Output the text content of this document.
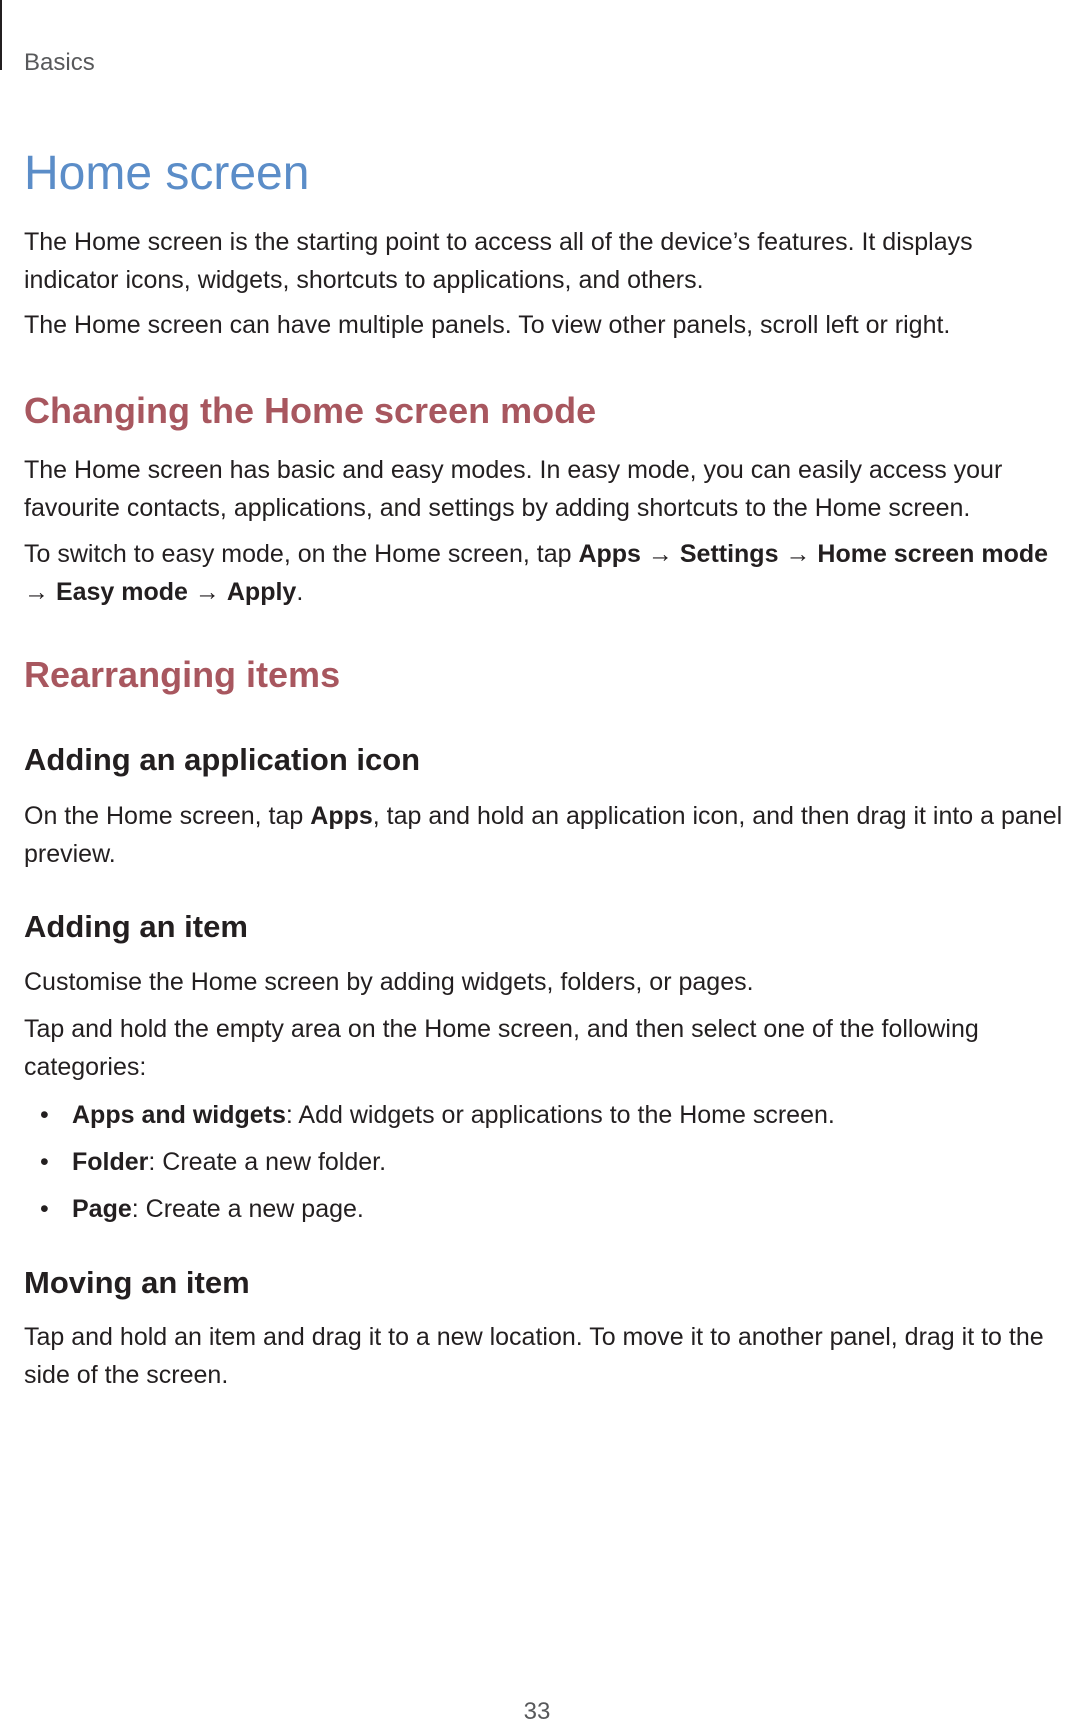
Basics

Home screen

The Home screen is the starting point to access all of the device’s features. It displays indicator icons, widgets, shortcuts to applications, and others.

The Home screen can have multiple panels. To view other panels, scroll left or right.

Changing the Home screen mode

The Home screen has basic and easy modes. In easy mode, you can easily access your favourite contacts, applications, and settings by adding shortcuts to the Home screen.

To switch to easy mode, on the Home screen, tap Apps → Settings → Home screen mode → Easy mode → Apply.

Rearranging items
Adding an application icon

On the Home screen, tap Apps, tap and hold an application icon, and then drag it into a panel preview.

Adding an item

Customise the Home screen by adding widgets, folders, or pages.

Tap and hold the empty area on the Home screen, and then select one of the following categories:

• Apps and widgets: Add widgets or applications to the Home screen.
• Folder: Create a new folder.
• Page: Create a new page.
Moving an item

Tap and hold an item and drag it to a new location. To move it to another panel, drag it to the side of the screen.

33
